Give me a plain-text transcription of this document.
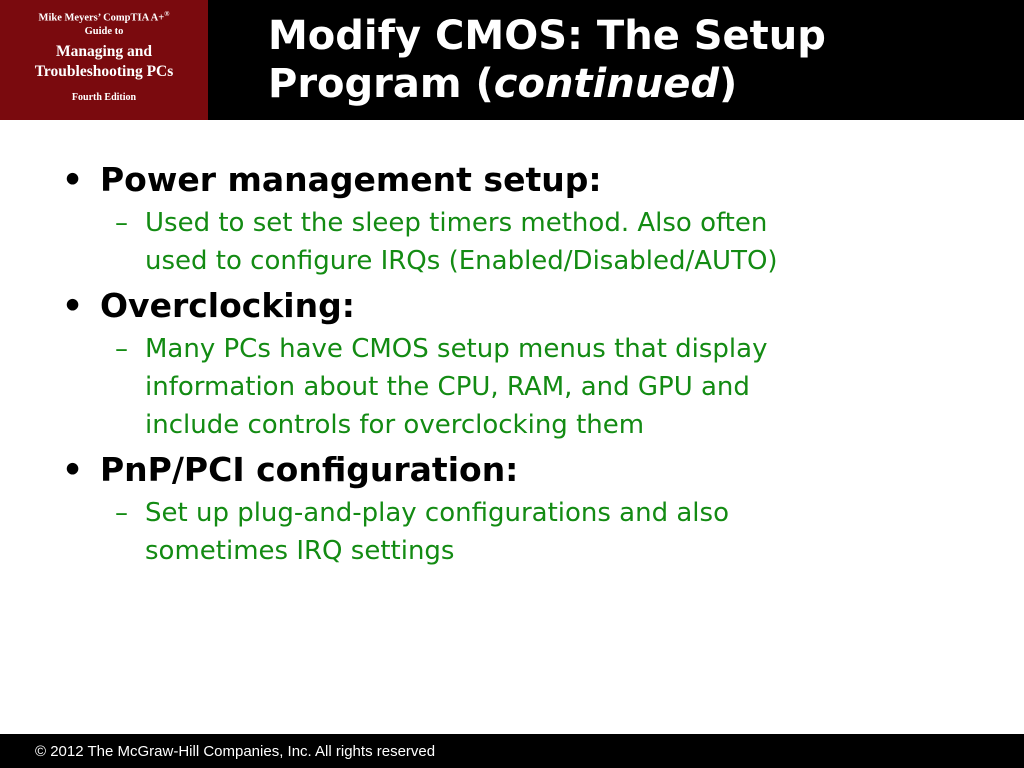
Mike Meyers’ CompTIA A+®
Guide to
Managing and
Troubleshooting PCs
Fourth Edition
Modify CMOS: The Setup
Program (continued)
• Power management setup:
– Used to set the sleep timers method. Also often
used to configure IRQs (Enabled/Disabled/AUTO)
• Overclocking:
– Many PCs have CMOS setup menus that display
information about the CPU, RAM, and GPU and
include controls for overclocking them
• PnP/PCI configuration:
– Set up plug-and-play configurations and also
sometimes IRQ settings
© 2012 The McGraw-Hill Companies, Inc. All rights reserved
